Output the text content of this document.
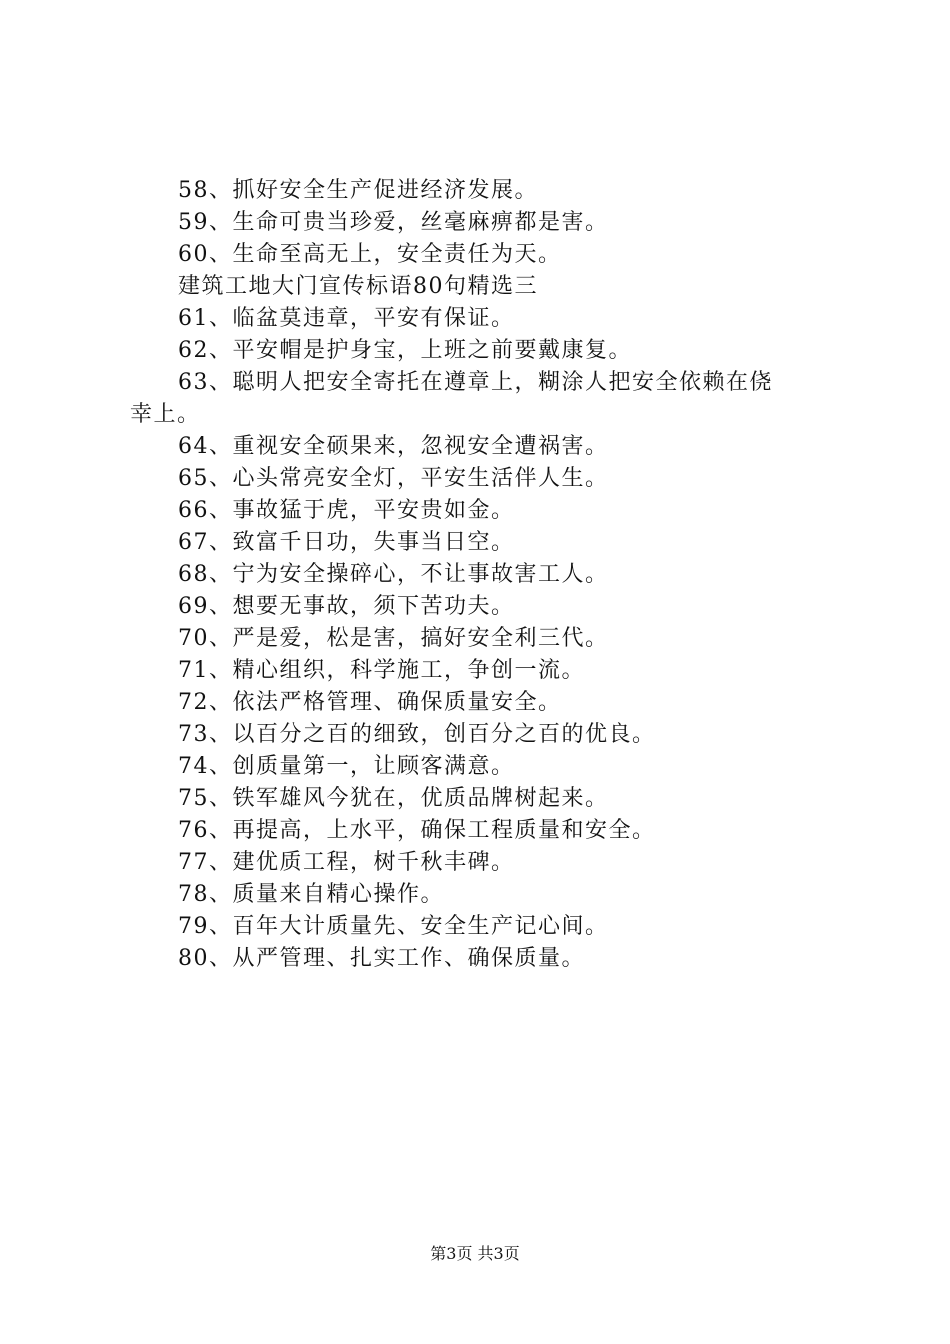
58、抓好安全生产促进经济发展。
59、生命可贵当珍爱，丝毫麻痹都是害。
60、生命至高无上，安全责任为天。
建筑工地大门宣传标语80句精选三
61、临盆莫违章，平安有保证。
62、平安帽是护身宝，上班之前要戴康复。
63、聪明人把安全寄托在遵章上，糊涂人把安全依赖在侥
幸上。
64、重视安全硕果来，忽视安全遭祸害。
65、心头常亮安全灯，平安生活伴人生。
66、事故猛于虎，平安贵如金。
67、致富千日功，失事当日空。
68、宁为安全操碎心，不让事故害工人。
69、想要无事故，须下苦功夫。
70、严是爱，松是害，搞好安全利三代。
71、精心组织，科学施工，争创一流。
72、依法严格管理、确保质量安全。
73、以百分之百的细致，创百分之百的优良。
74、创质量第一，让顾客满意。
75、铁军雄风今犹在，优质品牌树起来。
76、再提高，上水平，确保工程质量和安全。
77、建优质工程，树千秋丰碑。
78、质量来自精心操作。
79、百年大计质量先、安全生产记心间。
80、从严管理、扎实工作、确保质量。
第3页 共3页
